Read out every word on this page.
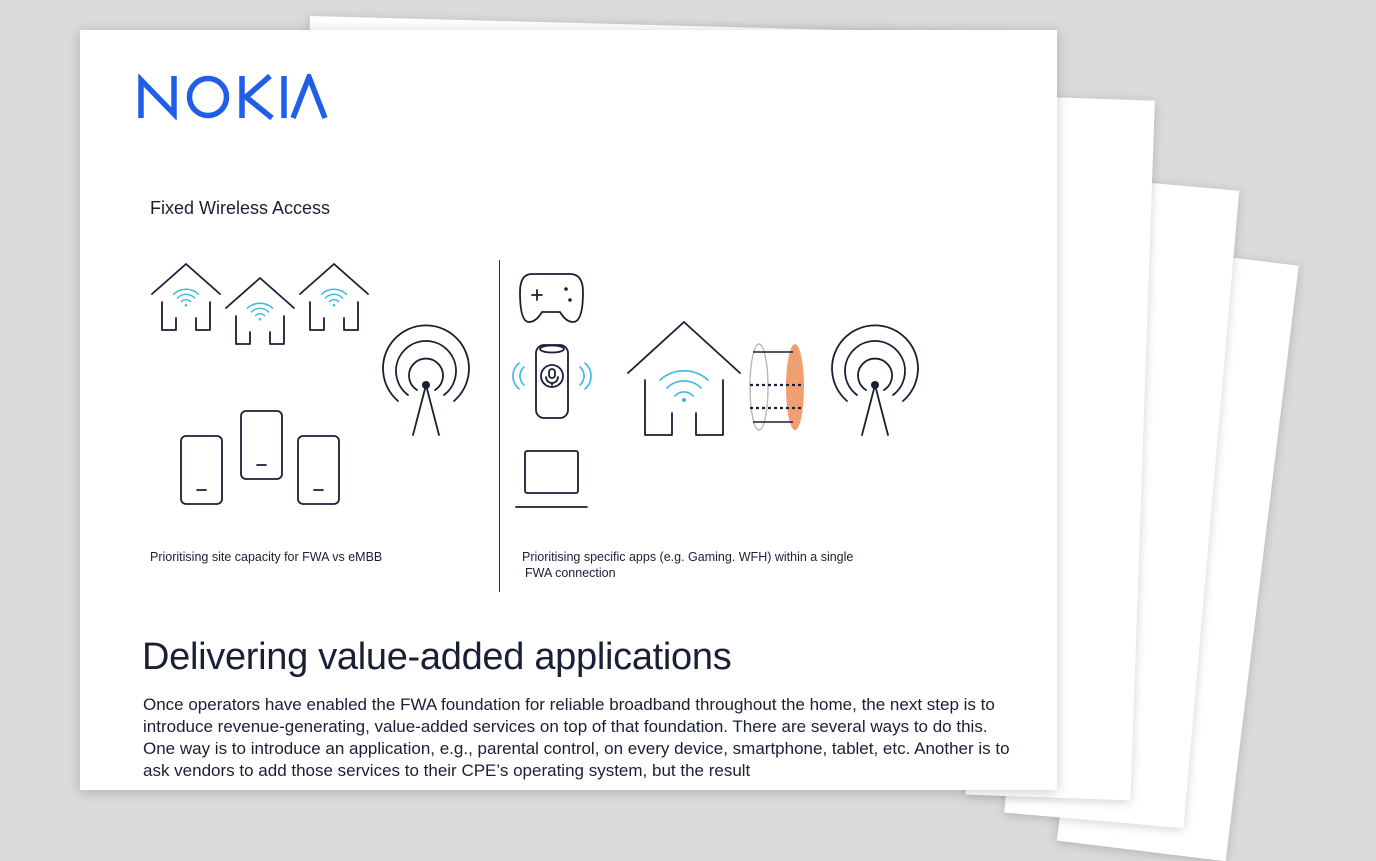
Fixed Wireless Access
Prioritising site capacity for FWA vs eMBB	Prioritising specific apps (e.g. Gaming. WFH) within a single
FWA connection
Delivering value-added applications

Once operators have enabled the FWA foundation for reliable broadband throughout the home, the next step is to introduce revenue-generating, value-added services on top of that foundation. There are several ways to do this. One way is to introduce an application, e.g., parental control, on every device, smartphone, tablet, etc. Another is to ask vendors to add those services to their CPE’s operating system, but the result
